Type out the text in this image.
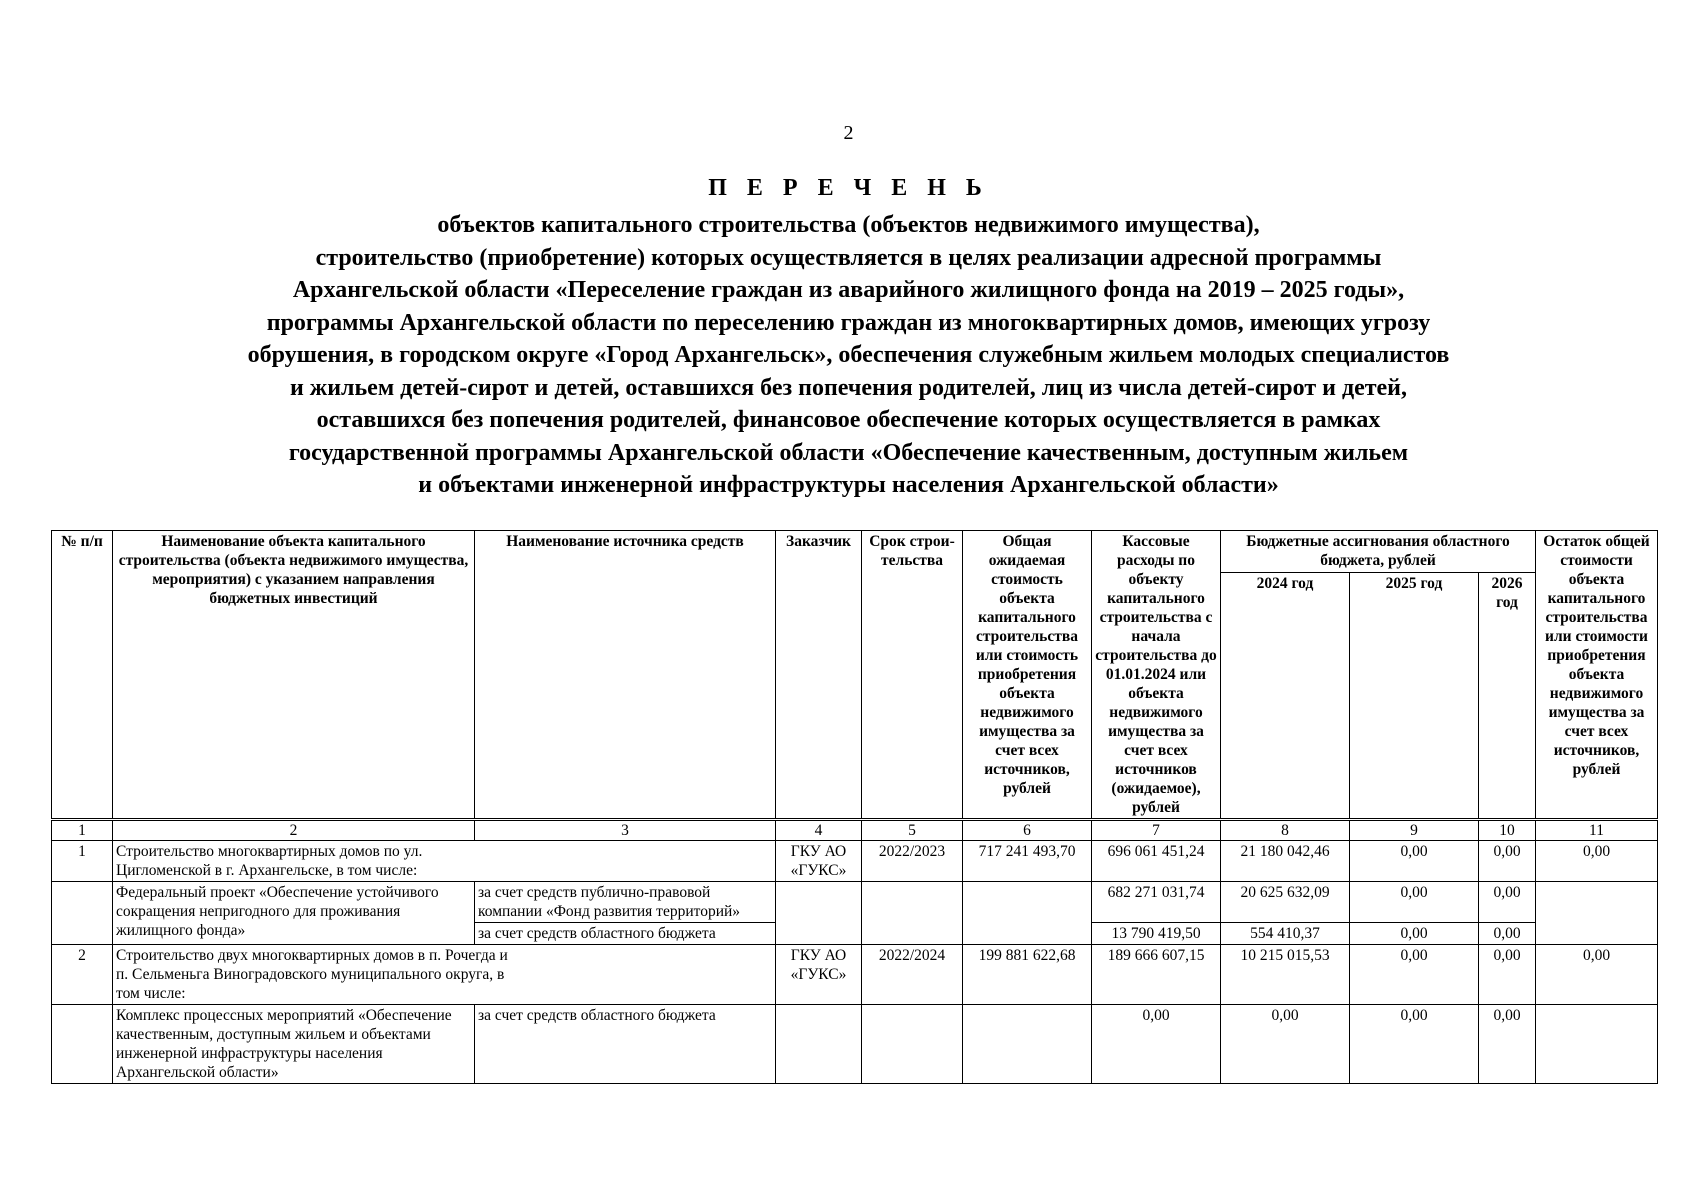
2
П Е Р Е Ч Е Н Ь
объектов капитального строительства (объектов недвижимого имущества),
строительство (приобретение) которых осуществляется в целях реализации адресной программы
Архангельской области «Переселение граждан из аварийного жилищного фонда на 2019 – 2025 годы»,
программы Архангельской области по переселению граждан из многоквартирных домов, имеющих угрозу
обрушения, в городском округе «Город Архангельск», обеспечения служебным жильем молодых специалистов
и жильем детей-сирот и детей, оставшихся без попечения родителей, лиц из числа детей-сирот и детей,
оставшихся без попечения родителей, финансовое обеспечение которых осуществляется в рамках
государственной программы Архангельской области «Обеспечение качественным, доступным жильем
и объектами инженерной инфраструктуры населения Архангельской области»
№ п/п	Наименование объекта капитального строительства (объекта недвижимого имущества, мероприятия) с указанием направления бюджетных инвестиций	Наименование источника средств	Заказчик	Срок строи-тельства	Общая ожидаемая стоимость объекта капитального строительства или стоимость приобретения объекта недвижимого имущества за счет всех источников, рублей	Кассовые расходы по объекту капитального строительства с начала строительства до 01.01.2024 или объекта недвижимого имущества за счет всех источников (ожидаемое), рублей	Бюджетные ассигнования областного бюджета, рублей			Остаток общей стоимости объекта капитального строительства или стоимости приобретения объекта недвижимого имущества за счет всех источников, рублей
							2024 год	2025 год	2026 год	
1	2	3	4	5	6	7	8	9	10	11
1	Строительство многоквартирных домов по ул. Цигломенской в г. Архангельске, в том числе:		ГКУ АО «ГУКС»	2022/2023	717 241 493,70	696 061 451,24	21 180 042,46	0,00	0,00	0,00
	Федеральный проект «Обеспечение устойчивого сокращения непригодного для проживания жилищного фонда»	за счет средств публично-правовой компании «Фонд развития территорий»				682 271 031,74	20 625 632,09	0,00	0,00	
		за счет средств областного бюджета				13 790 419,50	554 410,37	0,00	0,00	
2	Строительство двух многоквартирных домов в п. Рочегда и п. Сельменьга Виноградовского муниципального округа, в том числе:		ГКУ АО «ГУКС»	2022/2024	199 881 622,68	189 666 607,15	10 215 015,53	0,00	0,00	0,00
	Комплекс процессных мероприятий «Обеспечение качественным, доступным жильем и объектами инженерной инфраструктуры населения Архангельской области»	за счет средств областного бюджета				0,00	0,00	0,00	0,00	
